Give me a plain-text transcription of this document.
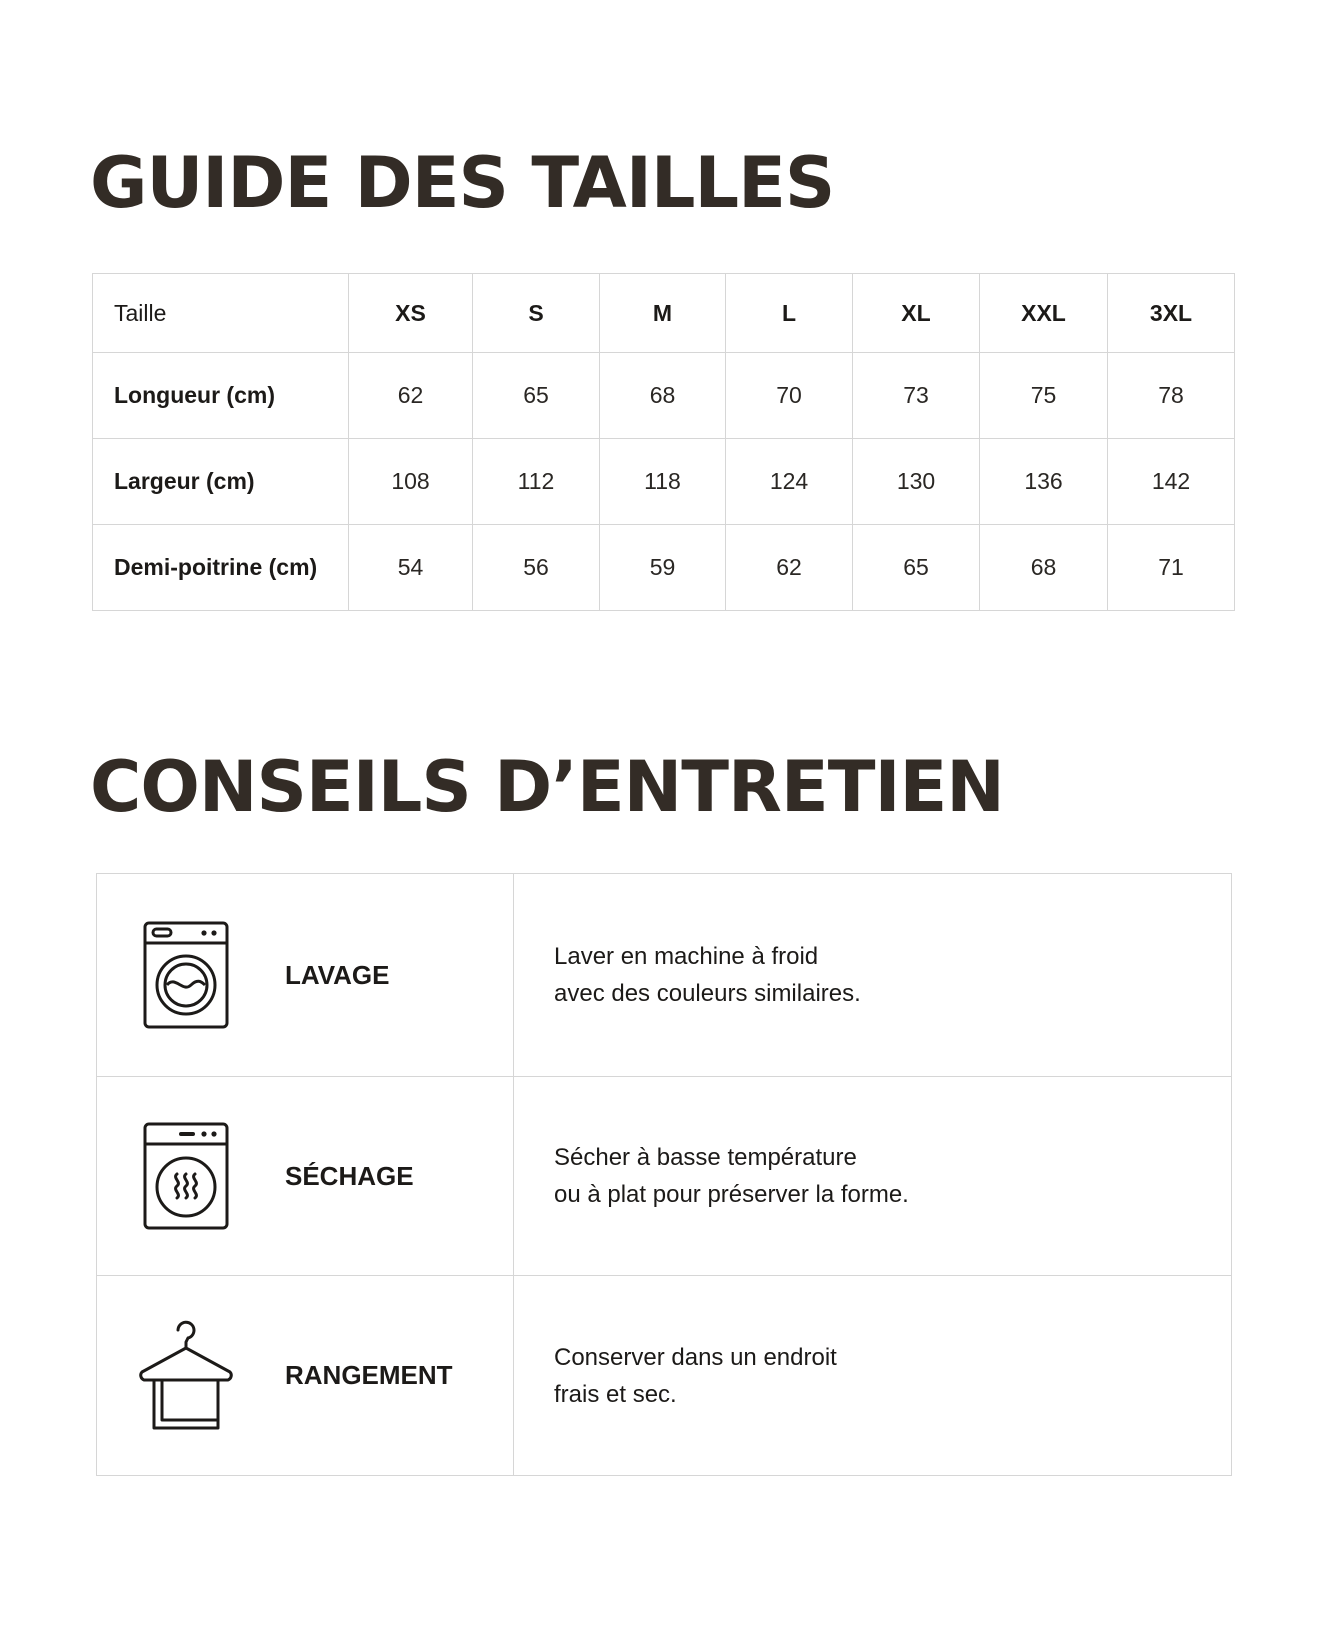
GUIDE DES TAILLES
Taille	XS	S	M	L	XL	XXL	3XL
Longueur (cm)	62	65	68	70	73	75	78
Largeur (cm)	108	112	118	124	130	136	142
Demi-poitrine (cm)	54	56	59	62	65	68	71
CONSEILS D’ENTRETIEN
LAVAGE
Laver en machine à froid
avec des couleurs similaires.
SÉCHAGE
Sécher à basse température
ou à plat pour préserver la forme.
RANGEMENT
Conserver dans un endroit
frais et sec.
